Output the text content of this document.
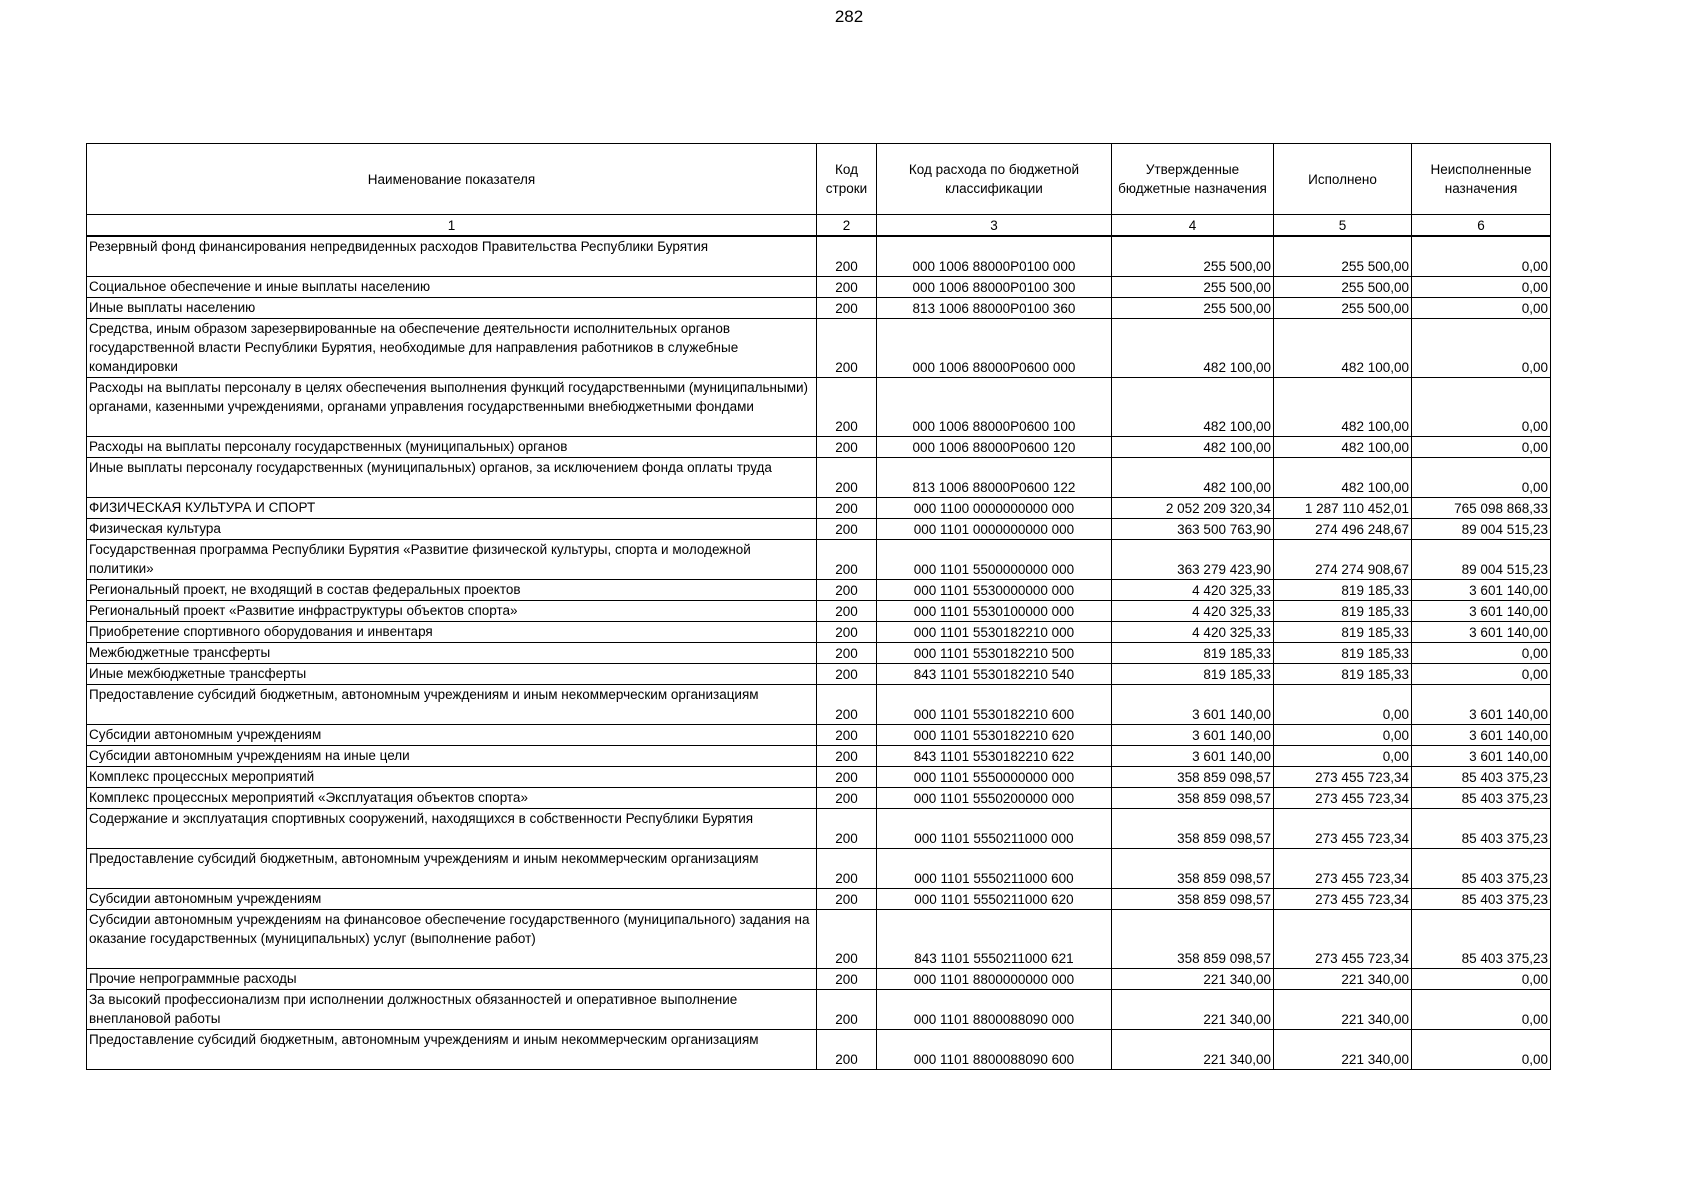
282
Наименование показателя	Код строки	Код расхода по бюджетной классификации	Утвержденные бюджетные назначения	Исполнено	Неисполненные назначения
1	2	3	4	5	6

Резервный фонд финансирования непредвиденных расходов Правительства Республики Бурятия	200	000 1006 88000Р0100 000	255 500,00	255 500,00	0,00

Социальное обеспечение и иные выплаты населению	200	000 1006 88000Р0100 300	255 500,00	255 500,00	0,00

Иные выплаты населению	200	813 1006 88000Р0100 360	255 500,00	255 500,00	0,00

Средства, иным образом зарезервированные на обеспечение деятельности исполнительных органов государственной власти Республики Бурятия, необходимые для направления работников в служебные командировки	200	000 1006 88000Р0600 000	482 100,00	482 100,00	0,00

Расходы на выплаты персоналу в целях обеспечения выполнения функций государственными (муниципальными) органами, казенными учреждениями, органами управления государственными внебюджетными фондами	200	000 1006 88000Р0600 100	482 100,00	482 100,00	0,00

Расходы на выплаты персоналу государственных (муниципальных) органов	200	000 1006 88000Р0600 120	482 100,00	482 100,00	0,00

Иные выплаты персоналу государственных (муниципальных) органов, за исключением фонда оплаты труда	200	813 1006 88000Р0600 122	482 100,00	482 100,00	0,00

ФИЗИЧЕСКАЯ КУЛЬТУРА И СПОРТ	200	000 1100 0000000000 000	2 052 209 320,34	1 287 110 452,01	765 098 868,33

Физическая культура	200	000 1101 0000000000 000	363 500 763,90	274 496 248,67	89 004 515,23

Государственная программа Республики Бурятия «Развитие физической культуры, спорта и молодежной политики»	200	000 1101 5500000000 000	363 279 423,90	274 274 908,67	89 004 515,23

Региональный проект, не входящий в состав федеральных проектов	200	000 1101 5530000000 000	4 420 325,33	819 185,33	3 601 140,00

Региональный проект «Развитие инфраструктуры объектов спорта»	200	000 1101 5530100000 000	4 420 325,33	819 185,33	3 601 140,00

Приобретение спортивного оборудования и инвентаря	200	000 1101 5530182210 000	4 420 325,33	819 185,33	3 601 140,00

Межбюджетные трансферты	200	000 1101 5530182210 500	819 185,33	819 185,33	0,00

Иные межбюджетные трансферты	200	843 1101 5530182210 540	819 185,33	819 185,33	0,00

Предоставление субсидий бюджетным, автономным учреждениям и иным некоммерческим организациям	200	000 1101 5530182210 600	3 601 140,00	0,00	3 601 140,00

Субсидии автономным учреждениям	200	000 1101 5530182210 620	3 601 140,00	0,00	3 601 140,00

Субсидии автономным учреждениям на иные цели	200	843 1101 5530182210 622	3 601 140,00	0,00	3 601 140,00

Комплекс процессных мероприятий	200	000 1101 5550000000 000	358 859 098,57	273 455 723,34	85 403 375,23

Комплекс процессных мероприятий «Эксплуатация объектов спорта»	200	000 1101 5550200000 000	358 859 098,57	273 455 723,34	85 403 375,23

Содержание и эксплуатация спортивных сооружений, находящихся в собственности Республики Бурятия	200	000 1101 5550211000 000	358 859 098,57	273 455 723,34	85 403 375,23

Предоставление субсидий бюджетным, автономным учреждениям и иным некоммерческим организациям	200	000 1101 5550211000 600	358 859 098,57	273 455 723,34	85 403 375,23

Субсидии автономным учреждениям	200	000 1101 5550211000 620	358 859 098,57	273 455 723,34	85 403 375,23

Субсидии автономным учреждениям на финансовое обеспечение государственного (муниципального) задания на оказание государственных (муниципальных) услуг (выполнение работ)	200	843 1101 5550211000 621	358 859 098,57	273 455 723,34	85 403 375,23

Прочие непрограммные расходы	200	000 1101 8800000000 000	221 340,00	221 340,00	0,00

За высокий профессионализм при исполнении должностных обязанностей и оперативное выполнение внеплановой работы	200	000 1101 8800088090 000	221 340,00	221 340,00	0,00

Предоставление субсидий бюджетным, автономным учреждениям и иным некоммерческим организациям	200	000 1101 8800088090 600	221 340,00	221 340,00	0,00
